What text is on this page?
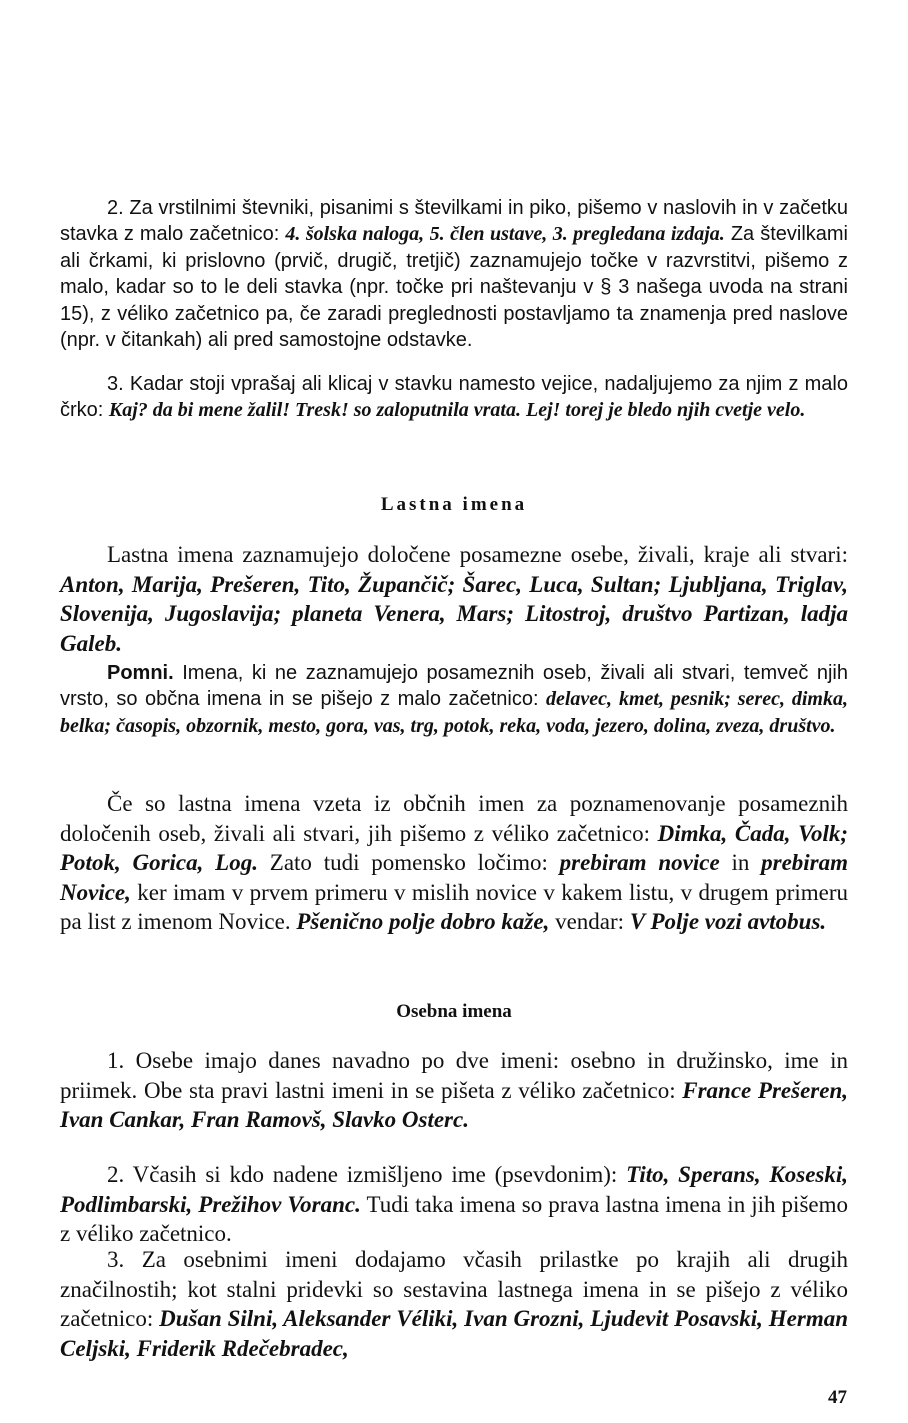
2. Za vrstilnimi števniki, pisanimi s številkami in piko, pišemo v naslovih in v začetku stavka z malo začetnico: 4. šolska naloga, 5. člen ustave, 3. pregledana izdaja. Za številkami ali črkami, ki prislovno (prvič, drugič, tretjič) zaznamujejo točke v razvrstitvi, pišemo z malo, kadar so to le deli stavka (npr. točke pri naštevanju v § 3 našega uvoda na strani 15), z véliko začetnico pa, če zaradi preglednosti postavljamo ta znamenja pred naslove (npr. v čitankah) ali pred samostojne odstavke.

3. Kadar stoji vprašaj ali klicaj v stavku namesto vejice, nadaljujemo za njim z malo črko: Kaj? da bi mene žalil! Tresk! so zaloputnila vrata. Lej! torej je bledo njih cvetje velo.

Lastna imena

Lastna imena zaznamujejo določene posamezne osebe, živali, kraje ali stvari: Anton, Marija, Prešeren, Tito, Župančič; Šarec, Luca, Sultan; Ljubljana, Triglav, Slovenija, Jugoslavija; planeta Venera, Mars; Litostroj, društvo Partizan, ladja Galeb.

Pomni. Imena, ki ne zaznamujejo posameznih oseb, živali ali stvari, temveč njih vrsto, so občna imena in se pišejo z malo začetnico: delavec, kmet, pesnik; serec, dimka, belka; časopis, obzornik, mesto, gora, vas, trg, potok, reka, voda, jezero, dolina, zveza, društvo.

Če so lastna imena vzeta iz občnih imen za poznamenovanje posameznih določenih oseb, živali ali stvari, jih pišemo z véliko začetnico: Dimka, Čada, Volk; Potok, Gorica, Log. Zato tudi pomensko ločimo: prebiram novice in prebiram Novice, ker imam v prvem primeru v mislih novice v kakem listu, v drugem primeru pa list z imenom Novice. Pšenično polje dobro kaže, vendar: V Polje vozi avtobus.

Osebna imena

1. Osebe imajo danes navadno po dve imeni: osebno in družinsko, ime in priimek. Obe sta pravi lastni imeni in se pišeta z véliko začetnico: France Prešeren, Ivan Cankar, Fran Ramovš, Slavko Osterc.

2. Včasih si kdo nadene izmišljeno ime (psevdonim): Tito, Sperans, Koseski, Podlimbarski, Prežihov Voranc. Tudi taka imena so prava lastna imena in jih pišemo z véliko začetnico.

3. Za osebnimi imeni dodajamo včasih prilastke po krajih ali drugih značilnostih; kot stalni pridevki so sestavina lastnega imena in se pišejo z véliko začetnico: Dušan Silni, Aleksander Véliki, Ivan Grozni, Ljudevit Posavski, Herman Celjski, Friderik Rdečebradec,

47
